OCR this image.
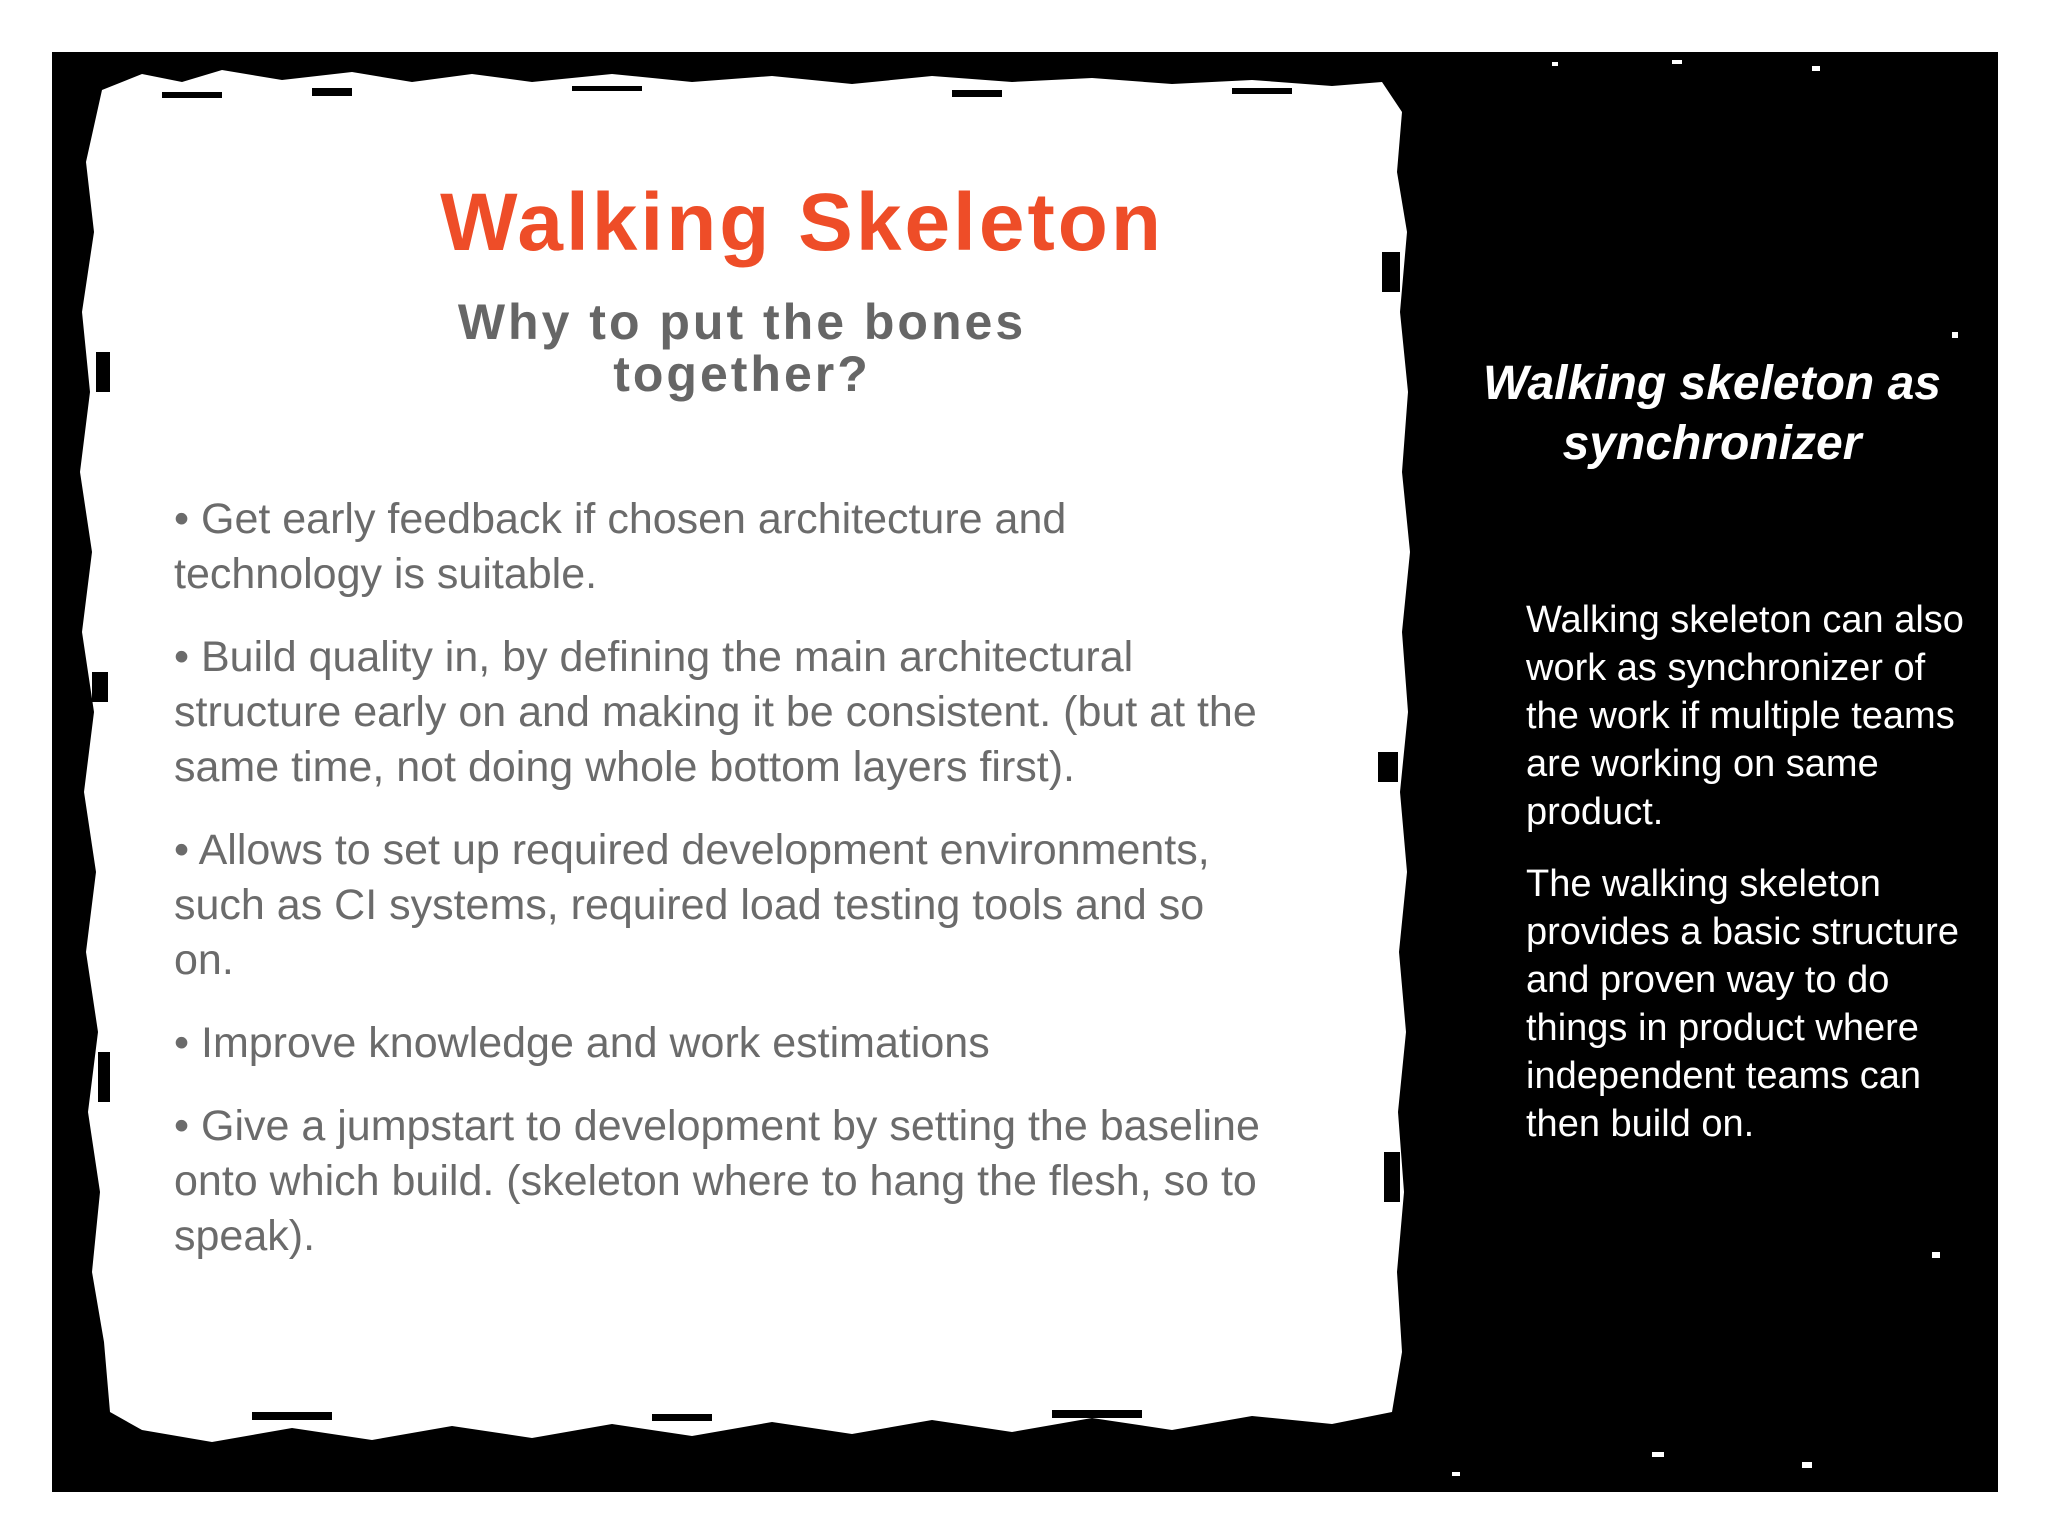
Walking Skeleton
Why to put the bones together?
• Get early feedback if chosen architecture and technology is suitable.
• Build quality in, by defining the main architectural structure early on and making it be consistent. (but at the same time, not doing whole bottom layers first).
• Allows to set up required development environments, such as CI systems, required load testing tools and so on.
• Improve knowledge and work estimations
• Give a jumpstart to development by setting the baseline onto which build. (skeleton where to hang the flesh, so to speak).
Walking skeleton as synchronizer

Walking skeleton can also work as synchronizer of the work if multiple teams are working on same product.

The walking skeleton provides a basic structure and proven way to do things in product where independent teams can then build on.
